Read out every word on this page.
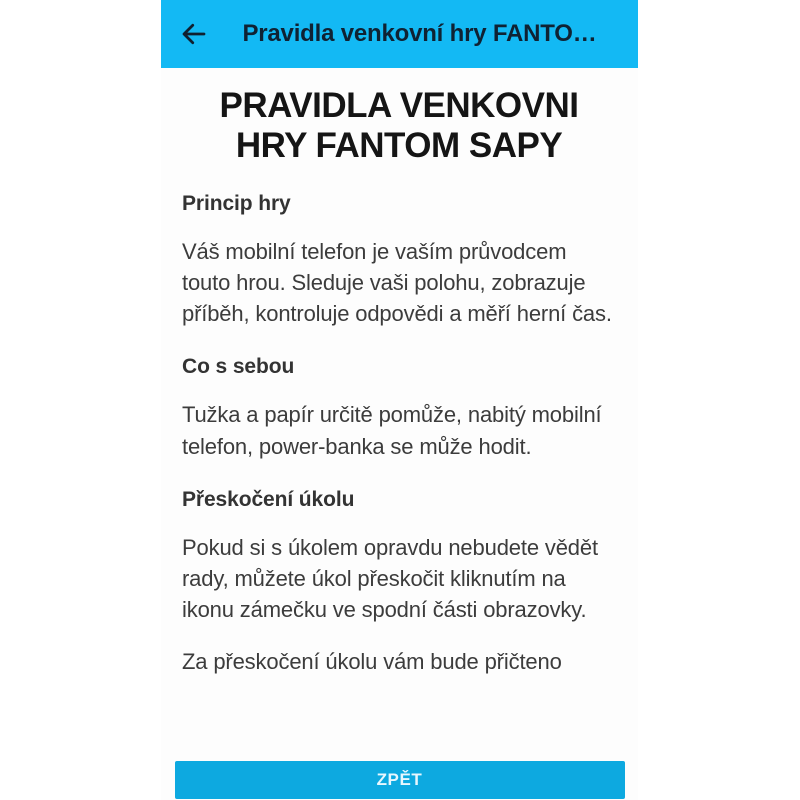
Pravidla venkovní hry FANTO…
PRAVIDLA VENKOVNI HRY FANTOM SAPY
Princip hry

Váš mobilní telefon je vaším průvodcem touto hrou. Sleduje vaši polohu, zobrazuje příběh, kontroluje odpovědi a měří herní čas.

Co s sebou

Tužka a papír určitě pomůže, nabitý mobilní telefon, power-banka se může hodit.

Přeskočení úkolu

Pokud si s úkolem opravdu nebudete vědět rady, můžete úkol přeskočit kliknutím na ikonu zámečku ve spodní části obrazovky.

Za přeskočení úkolu vám bude přičteno

ZPĚT
